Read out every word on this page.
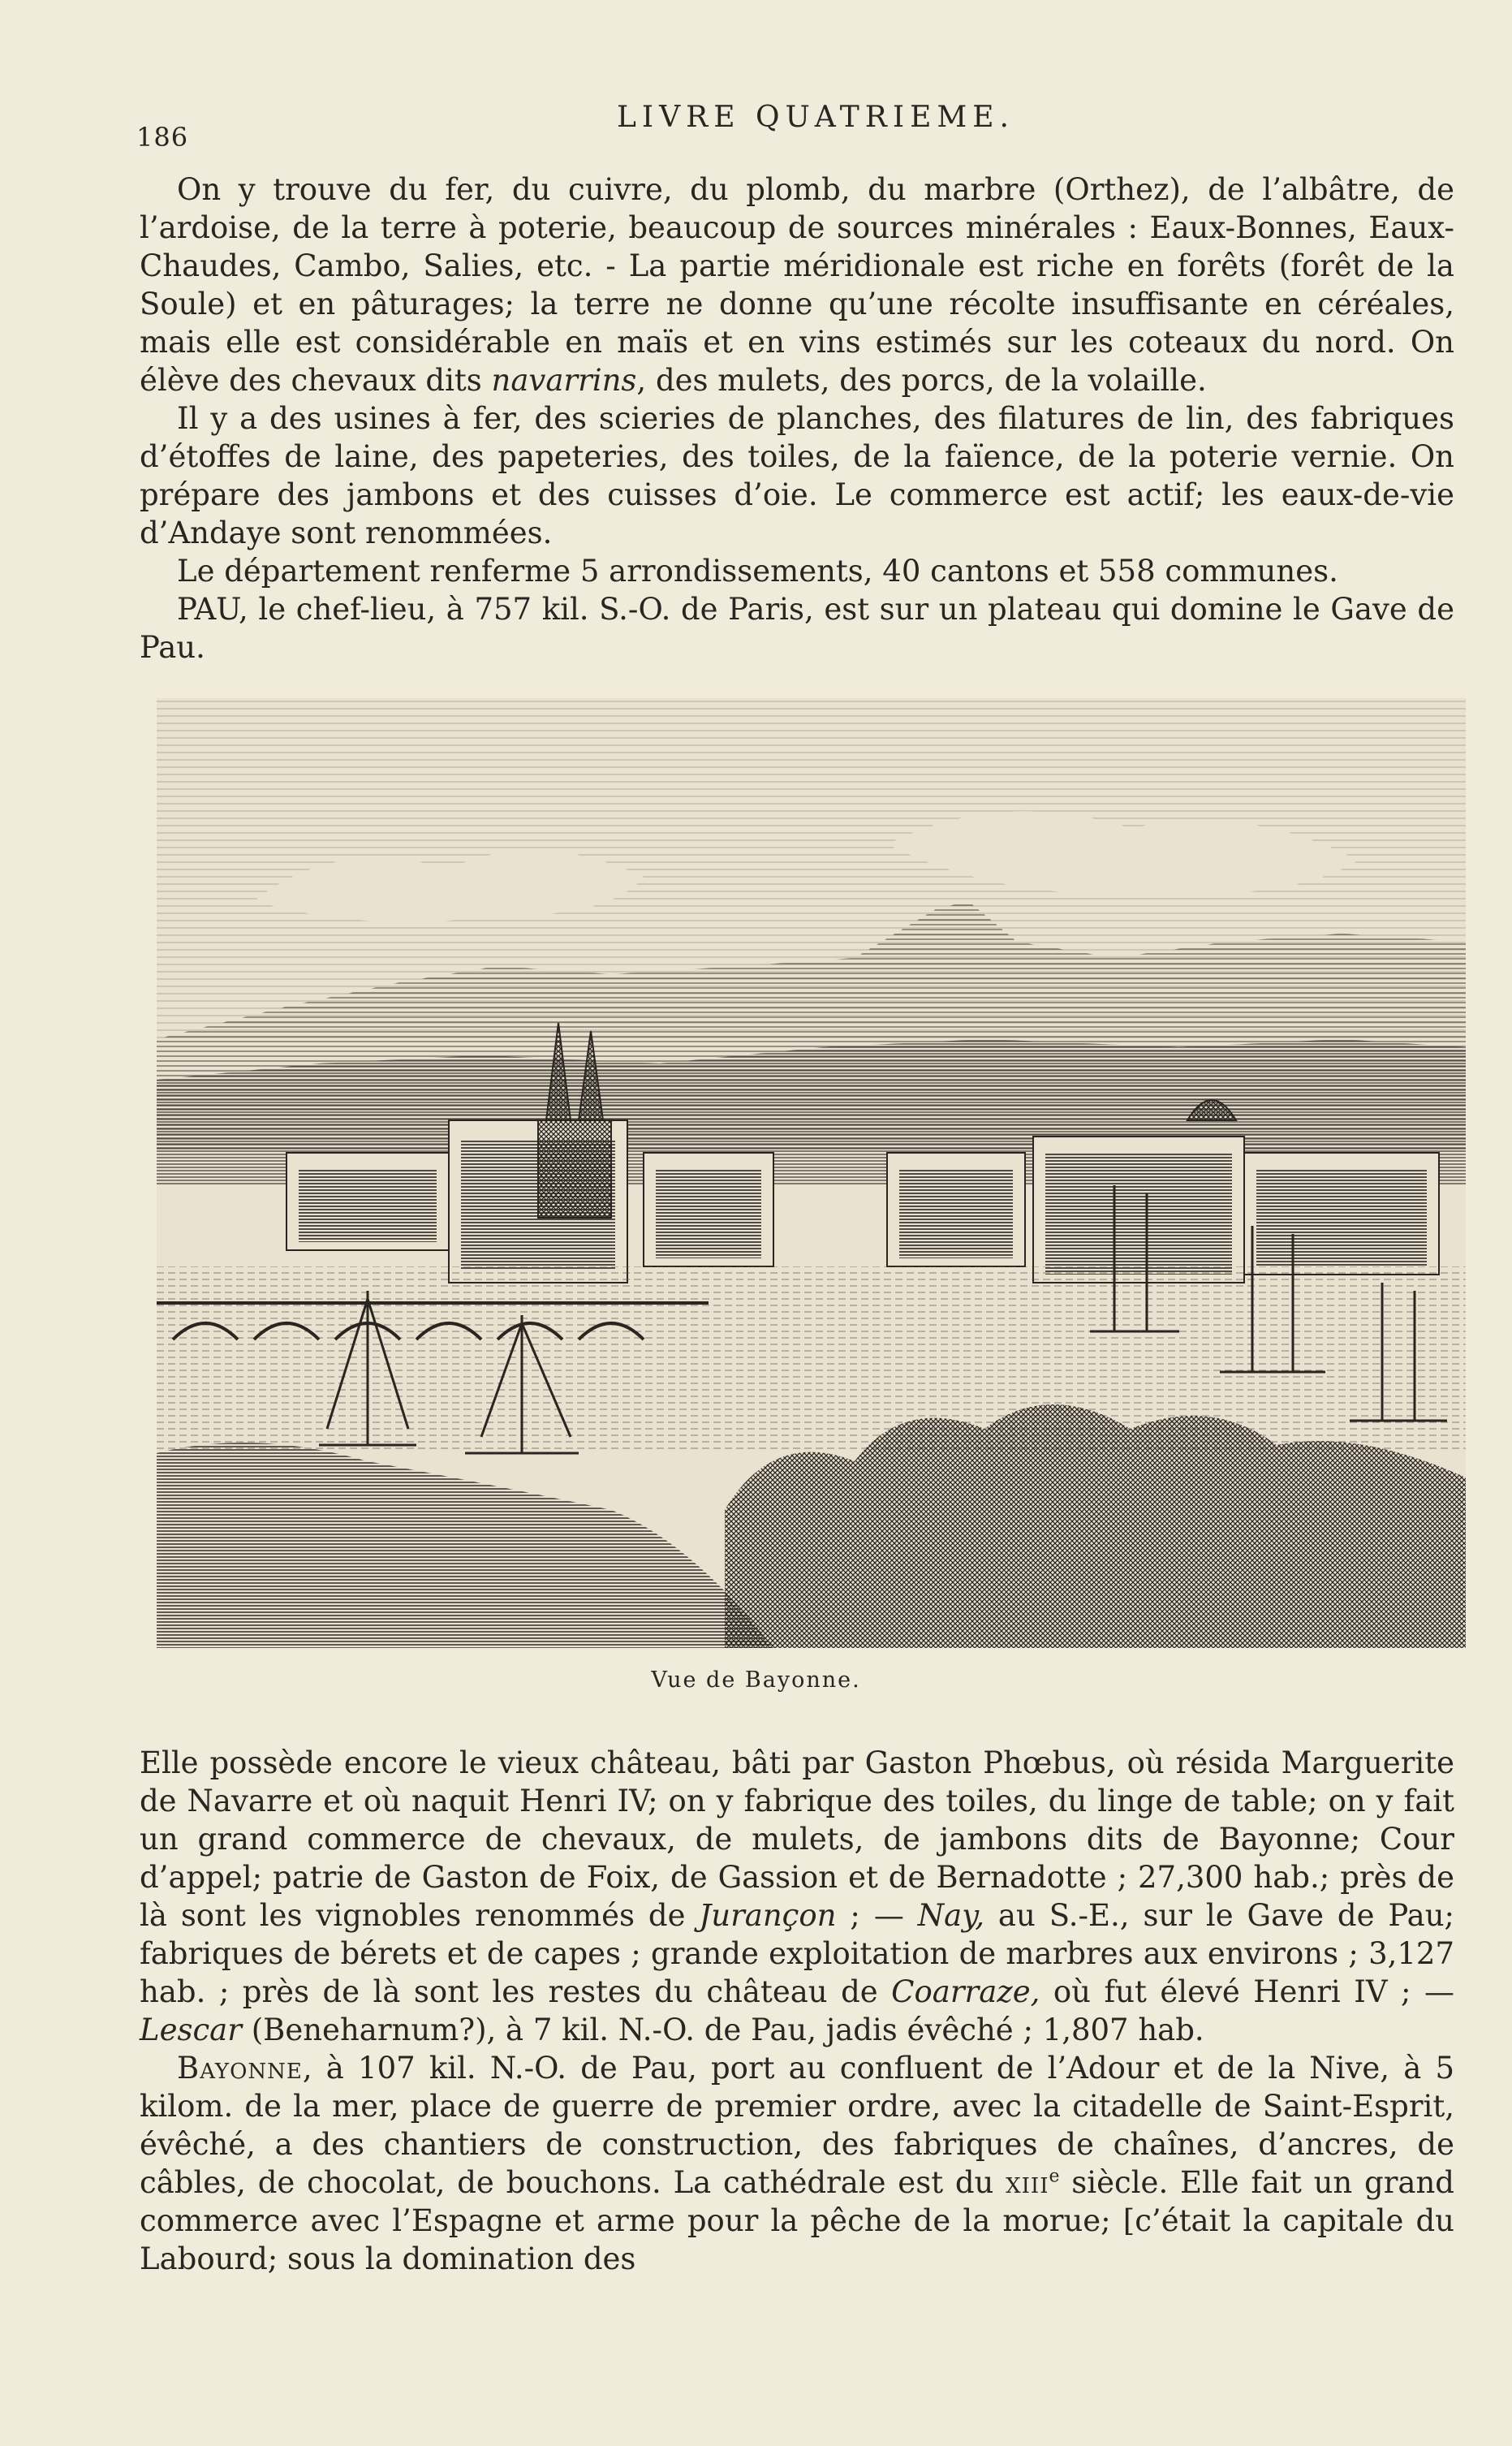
186
LIVRE QUATRIEME.

On y trouve du fer, du cuivre, du plomb, du marbre (Orthez), de l’albâtre, de l’ardoise, de la terre à poterie, beaucoup de sources minérales : Eaux-Bonnes, Eaux-Chaudes, Cambo, Salies, etc. - La partie méridionale est riche en forêts (forêt de la Soule) et en pâturages; la terre ne donne qu’une récolte insuffisante en céréales, mais elle est considérable en maïs et en vins estimés sur les coteaux du nord. On élève des chevaux dits navarrins, des mulets, des porcs, de la volaille.

Il y a des usines à fer, des scieries de planches, des filatures de lin, des fabriques d’étoffes de laine, des papeteries, des toiles, de la faïence, de la poterie vernie. On prépare des jambons et des cuisses d’oie. Le commerce est actif; les eaux-de-vie d’Andaye sont renommées.

Le département renferme 5 arrondissements, 40 cantons et 558 communes.

PAU, le chef-lieu, à 757 kil. S.-O. de Paris, est sur un plateau qui domine le Gave de Pau.

Vue de Bayonne.

Elle possède encore le vieux château, bâti par Gaston Phœbus, où résida Marguerite de Navarre et où naquit Henri IV; on y fabrique des toiles, du linge de table; on y fait un grand commerce de chevaux, de mulets, de jambons dits de Bayonne; Cour d’appel; patrie de Gaston de Foix, de Gassion et de Bernadotte ; 27,300 hab.; près de là sont les vignobles renommés de Jurançon ; — Nay, au S.-E., sur le Gave de Pau; fabriques de bérets et de capes ; grande exploitation de marbres aux environs ; 3,127 hab. ; près de là sont les restes du château de Coarraze, où fut élevé Henri IV ; — Lescar (Beneharnum?), à 7 kil. N.-O. de Pau, jadis évêché ; 1,807 hab.

Bayonne, à 107 kil. N.-O. de Pau, port au confluent de l’Adour et de la Nive, à 5 kilom. de la mer, place de guerre de premier ordre, avec la citadelle de Saint-Esprit, évêché, a des chantiers de construction, des fabriques de chaînes, d’ancres, de câbles, de chocolat, de bouchons. La cathédrale est du xiii$^e$ siècle. Elle fait un grand commerce avec l’Espagne et arme pour la pêche de la morue; [c’était la capitale du Labourd; sous la domination des
